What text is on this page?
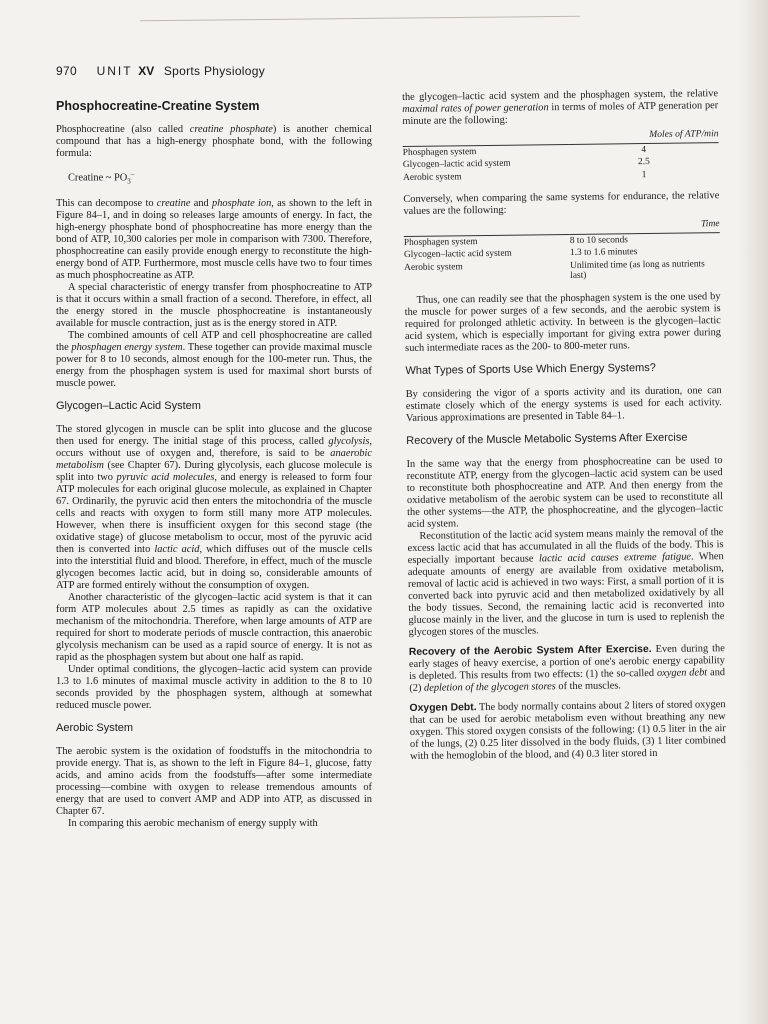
970 UNIT XV Sports Physiology
Phosphocreatine-Creatine System

Phosphocreatine (also called creatine phosphate) is another chemical compound that has a high-energy phosphate bond, with the following formula:

Creatine ~ $PO_3^-$

This can decompose to creatine and phosphate ion, as shown to the left in Figure 84–1, and in doing so releases large amounts of energy. In fact, the high-energy phosphate bond of phosphocreatine has more energy than the bond of ATP, 10,300 calories per mole in comparison with 7300. Therefore, phosphocreatine can easily provide enough energy to reconstitute the high-energy bond of ATP. Furthermore, most muscle cells have two to four times as much phosphocreatine as ATP.

A special characteristic of energy transfer from phosphocreatine to ATP is that it occurs within a small fraction of a second. Therefore, in effect, all the energy stored in the muscle phosphocreatine is instantaneously available for muscle contraction, just as is the energy stored in ATP.

The combined amounts of cell ATP and cell phosphocreatine are called the phosphagen energy system. These together can provide maximal muscle power for 8 to 10 seconds, almost enough for the 100-meter run. Thus, the energy from the phosphagen system is used for maximal short bursts of muscle power.

Glycogen–Lactic Acid System

The stored glycogen in muscle can be split into glucose and the glucose then used for energy. The initial stage of this process, called glycolysis, occurs without use of oxygen and, therefore, is said to be anaerobic metabolism (see Chapter 67). During glycolysis, each glucose molecule is split into two pyruvic acid molecules, and energy is released to form four ATP molecules for each original glucose molecule, as explained in Chapter 67. Ordinarily, the pyruvic acid then enters the mitochondria of the muscle cells and reacts with oxygen to form still many more ATP molecules. However, when there is insufficient oxygen for this second stage (the oxidative stage) of glucose metabolism to occur, most of the pyruvic acid then is converted into lactic acid, which diffuses out of the muscle cells into the interstitial fluid and blood. Therefore, in effect, much of the muscle glycogen becomes lactic acid, but in doing so, considerable amounts of ATP are formed entirely without the consumption of oxygen.

Another characteristic of the glycogen–lactic acid system is that it can form ATP molecules about 2.5 times as rapidly as can the oxidative mechanism of the mitochondria. Therefore, when large amounts of ATP are required for short to moderate periods of muscle contraction, this anaerobic glycolysis mechanism can be used as a rapid source of energy. It is not as rapid as the phosphagen system but about one half as rapid.

Under optimal conditions, the glycogen–lactic acid system can provide 1.3 to 1.6 minutes of maximal muscle activity in addition to the 8 to 10 seconds provided by the phosphagen system, although at somewhat reduced muscle power.

Aerobic System

The aerobic system is the oxidation of foodstuffs in the mitochondria to provide energy. That is, as shown to the left in Figure 84–1, glucose, fatty acids, and amino acids from the foodstuffs—after some intermediate processing—combine with oxygen to release tremendous amounts of energy that are used to convert AMP and ADP into ATP, as discussed in Chapter 67.

In comparing this aerobic mechanism of energy supply with

the glycogen–lactic acid system and the phosphagen system, the relative maximal rates of power generation in terms of moles of ATP generation per minute are the following:

Moles of ATP/min	
Phosphagen system	4
Glycogen–lactic acid system	2.5
Aerobic system	1

Conversely, when comparing the same systems for endurance, the relative values are the following:

Time	
Phosphagen system	8 to 10 seconds
Glycogen–lactic acid system	1.3 to 1.6 minutes
Aerobic system	Unlimited time (as long as nutrients last)

Thus, one can readily see that the phosphagen system is the one used by the muscle for power surges of a few seconds, and the aerobic system is required for prolonged athletic activity. In between is the glycogen–lactic acid system, which is especially important for giving extra power during such intermediate races as the 200- to 800-meter runs.

What Types of Sports Use Which Energy Systems?

By considering the vigor of a sports activity and its duration, one can estimate closely which of the energy systems is used for each activity. Various approximations are presented in Table 84–1.

Recovery of the Muscle Metabolic Systems After Exercise

In the same way that the energy from phosphocreatine can be used to reconstitute ATP, energy from the glycogen–lactic acid system can be used to reconstitute both phosphocreatine and ATP. And then energy from the oxidative metabolism of the aerobic system can be used to reconstitute all the other systems—the ATP, the phosphocreatine, and the glycogen–lactic acid system.

Reconstitution of the lactic acid system means mainly the removal of the excess lactic acid that has accumulated in all the fluids of the body. This is especially important because lactic acid causes extreme fatigue. When adequate amounts of energy are available from oxidative metabolism, removal of lactic acid is achieved in two ways: First, a small portion of it is converted back into pyruvic acid and then metabolized oxidatively by all the body tissues. Second, the remaining lactic acid is reconverted into glucose mainly in the liver, and the glucose in turn is used to replenish the glycogen stores of the muscles.

Recovery of the Aerobic System After Exercise. Even during the early stages of heavy exercise, a portion of one's aerobic energy capability is depleted. This results from two effects: (1) the so-called oxygen debt and (2) depletion of the glycogen stores of the muscles.

Oxygen Debt. The body normally contains about 2 liters of stored oxygen that can be used for aerobic metabolism even without breathing any new oxygen. This stored oxygen consists of the following: (1) 0.5 liter in the air of the lungs, (2) 0.25 liter dissolved in the body fluids, (3) 1 liter combined with the hemoglobin of the blood, and (4) 0.3 liter stored in
